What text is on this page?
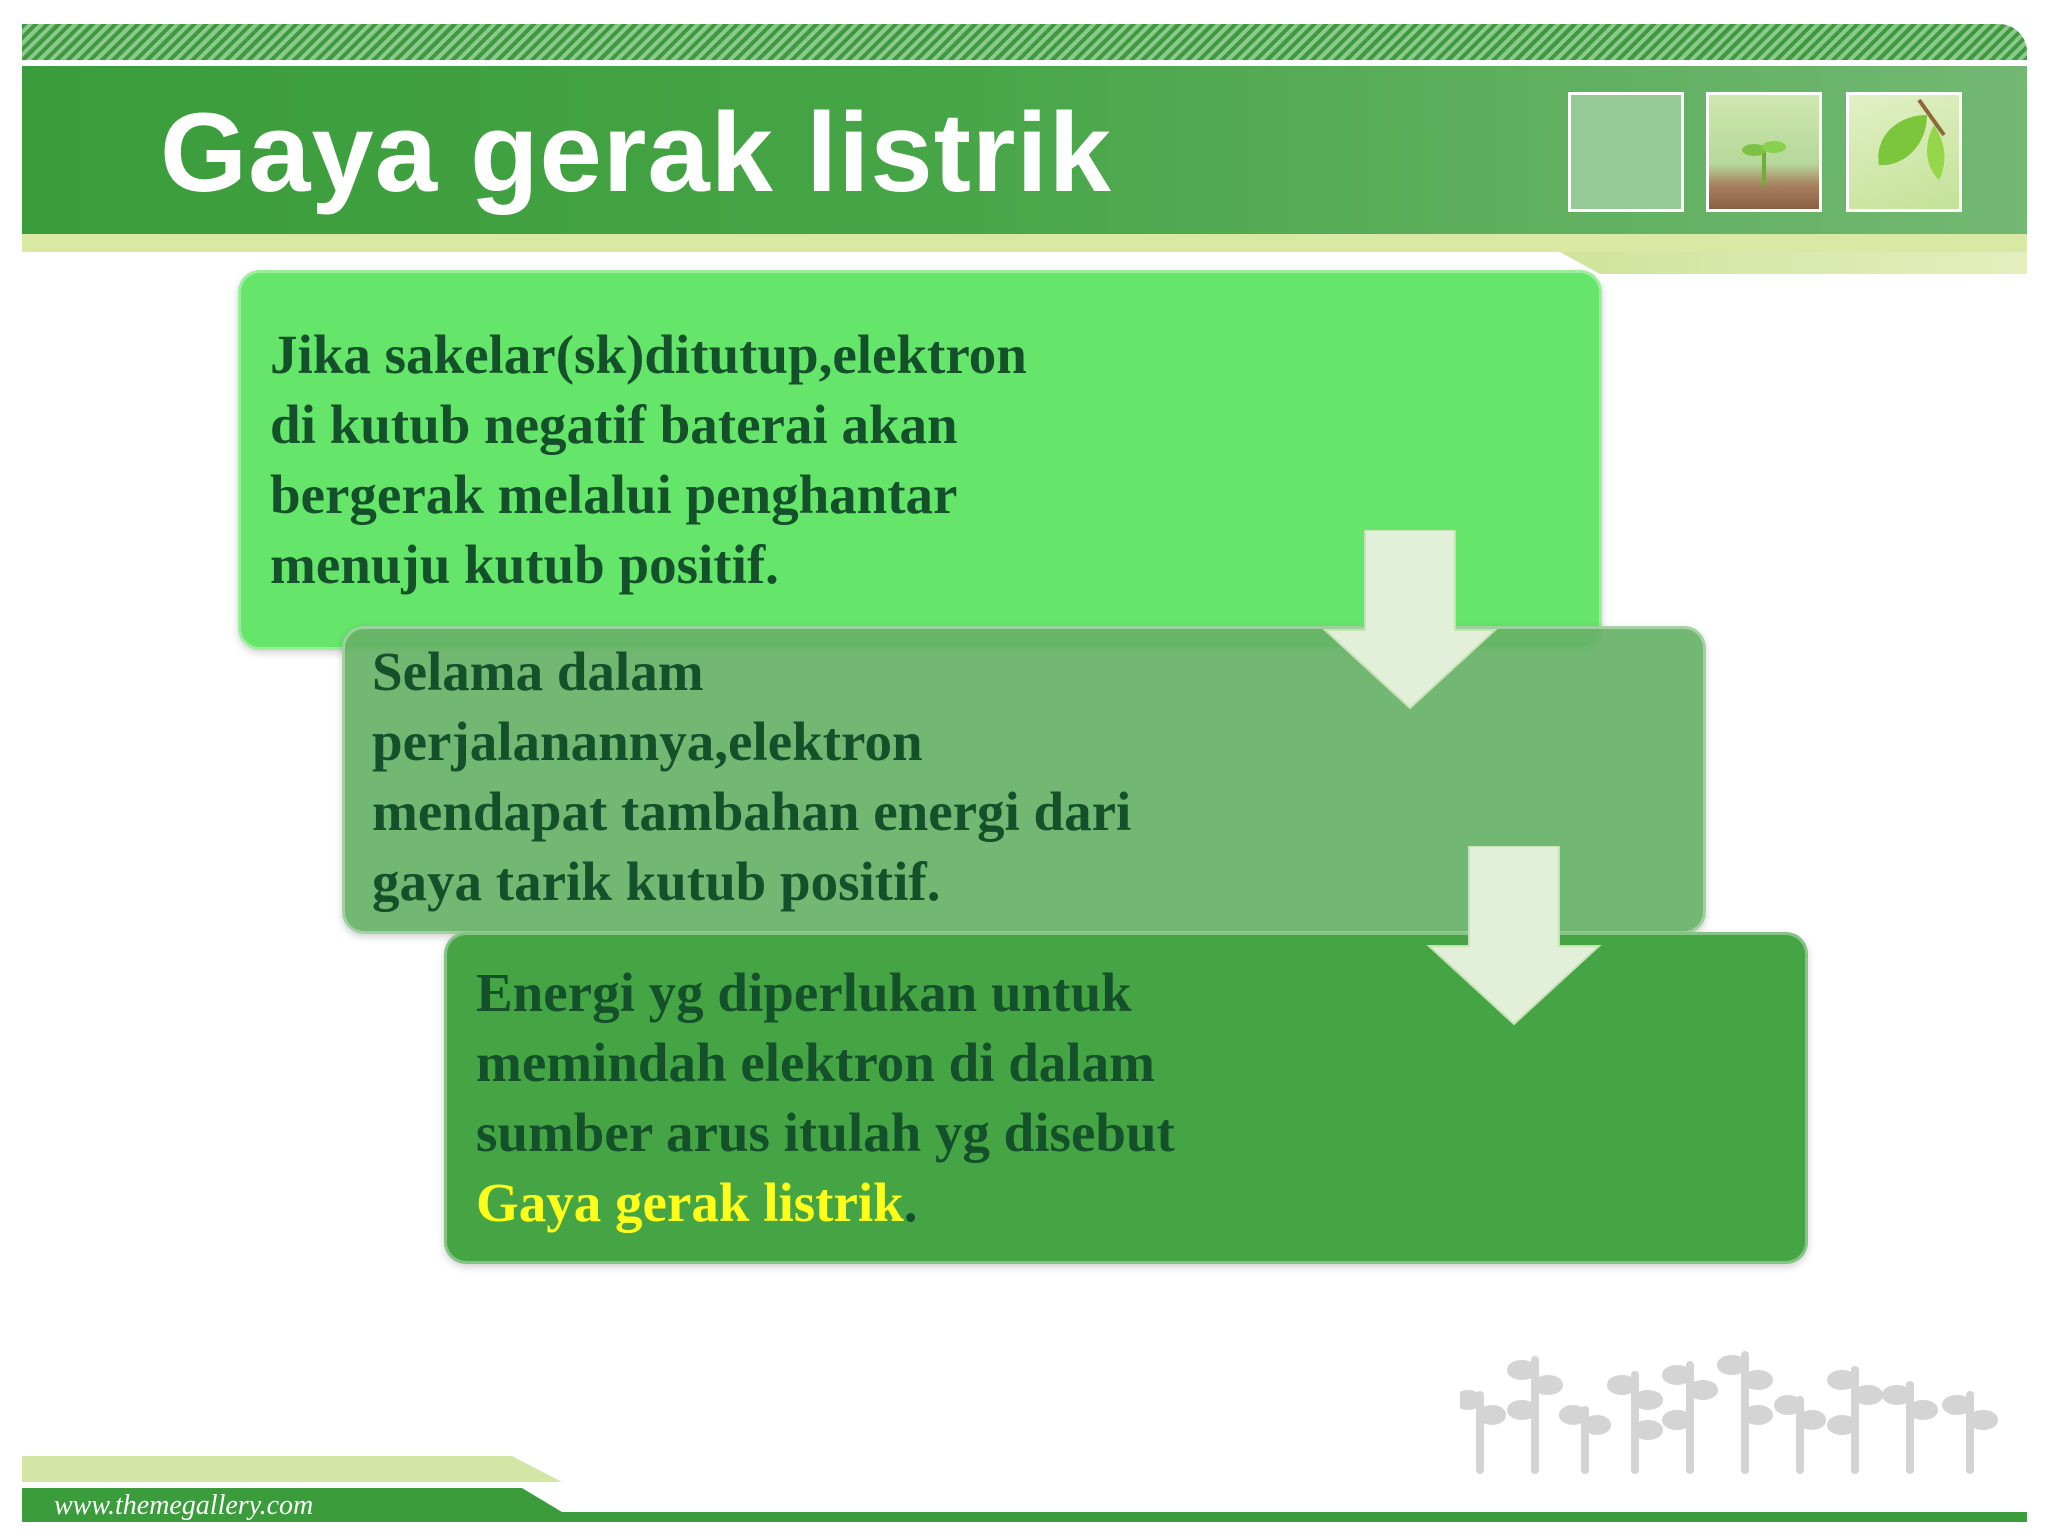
Gaya gerak listrik

Jika sakelar(sk)ditutup,elektron
di kutub negatif baterai akan
bergerak melalui penghantar
menuju kutub positif.

Selama dalam
perjalanannya,elektron
mendapat tambahan energi dari
gaya tarik kutub positif.

Energi yg diperlukan untuk
memindah elektron di dalam
sumber arus itulah yg disebut
Gaya gerak listrik.

www.themegallery.com
